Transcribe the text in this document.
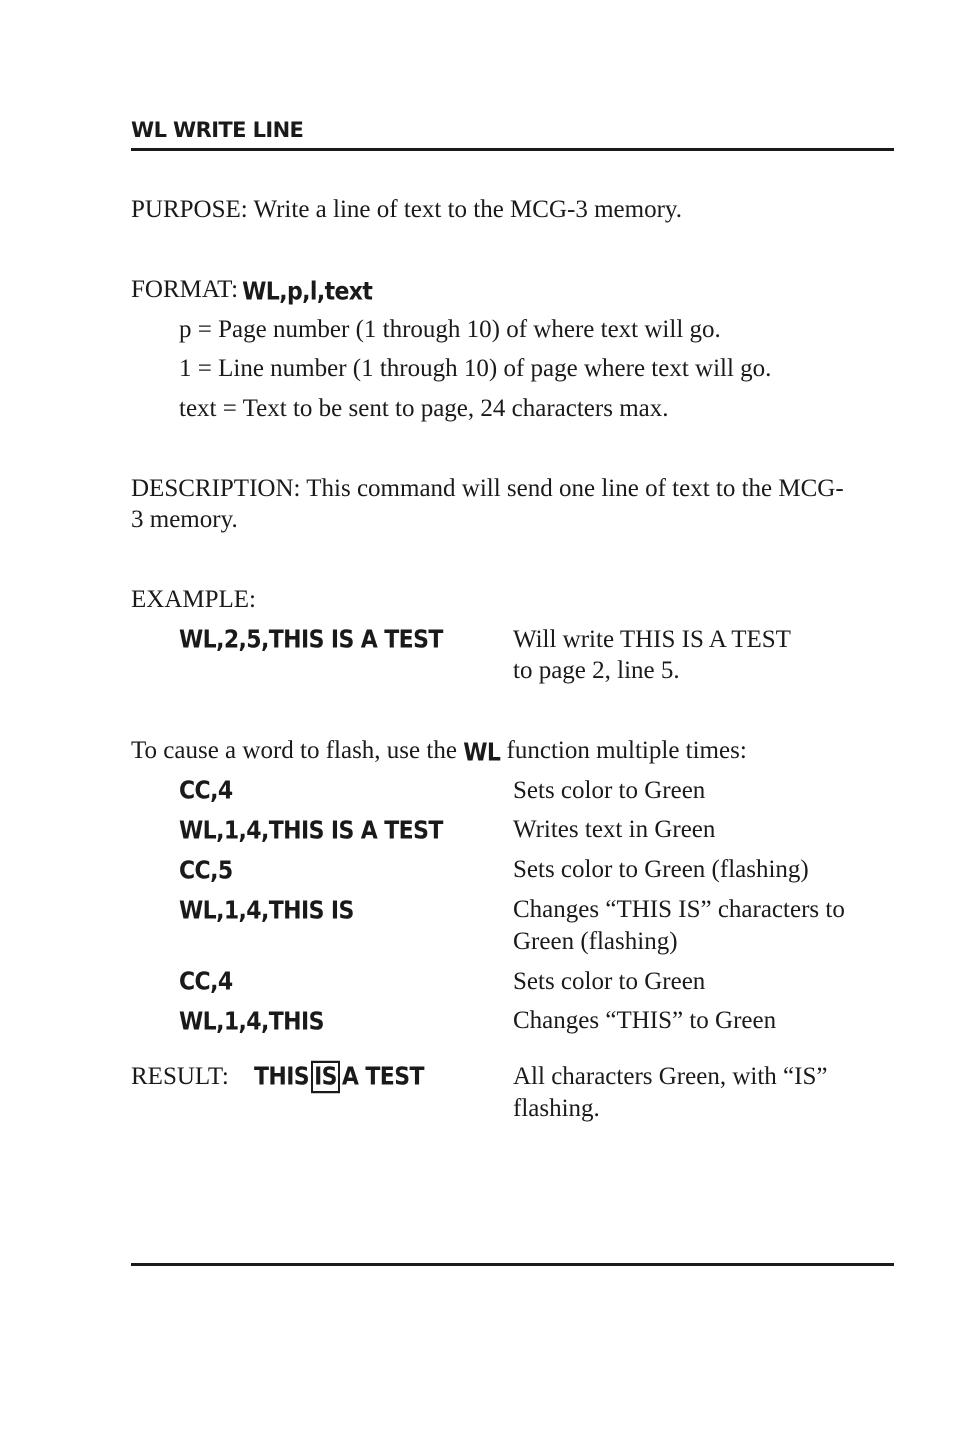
WL WRITE LINE
PURPOSE: Write a line of text to the MCG-3 memory.
FORMAT: WL,p,l,text
p = Page number (1 through 10) of where text will go.
1 = Line number (1 through 10) of page where text will go.
text = Text to be sent to page, 24 characters max.
DESCRIPTION: This command will send one line of text to the MCG-
3 memory.
EXAMPLE:
WL,2,5,THIS IS A TEST	Will write THIS IS A TEST
to page 2, line 5.
To cause a word to flash, use the WL function multiple times:
CC,4	Sets color to Green
WL,1,4,THIS IS A TEST	Writes text in Green
CC,5	Sets color to Green (flashing)
WL,1,4,THIS IS	Changes “THIS IS” characters to
Green (flashing)
CC,4	Sets color to Green
WL,1,4,THIS	Changes “THIS” to Green
RESULT: THIS IS A TEST	All characters Green, with “IS”
flashing.
